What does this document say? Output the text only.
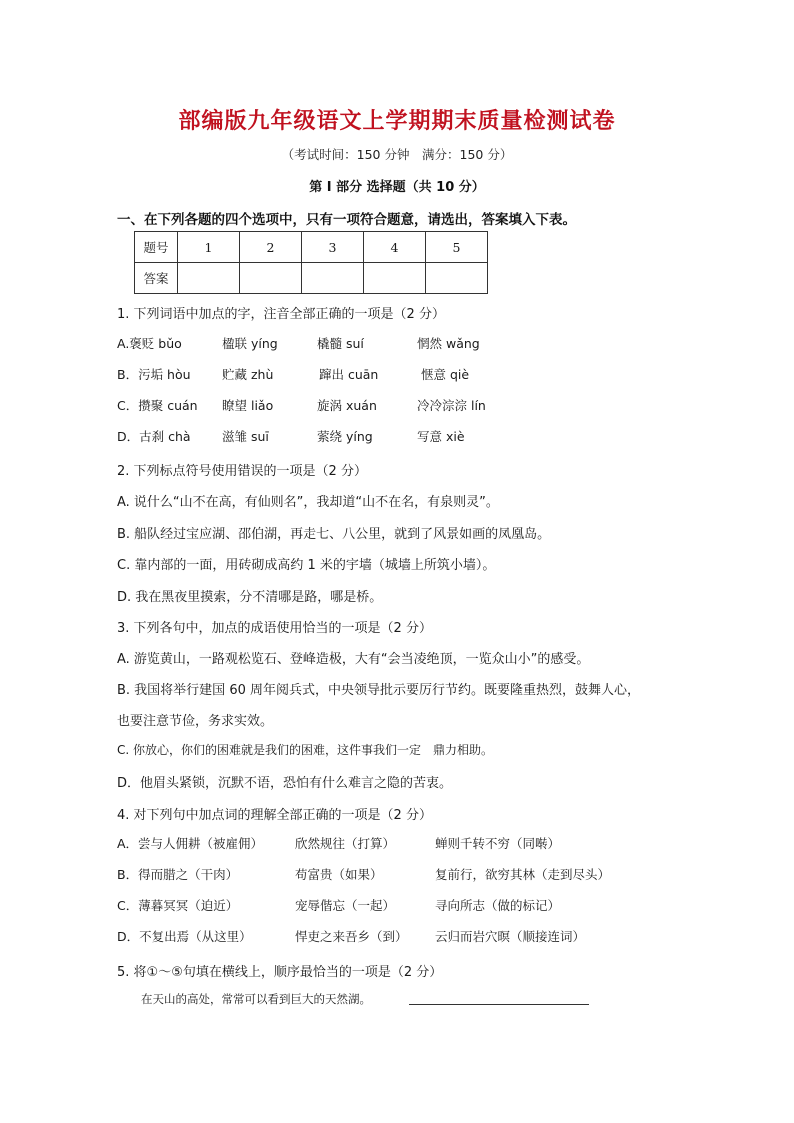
部编版九年级语文上学期期末质量检测试卷
（考试时间：150 分钟　满分：150 分）
第 I 部分 选择题（共 10 分）
一、在下列各题的四个选项中，只有一项符合题意，请选出，答案填入下表。
题号	1	2	3	4	5
答案					
1. 下列词语中加点的字，注音全部正确的一项是（2 分）
A.褒贬 bǔo	楹联 yíng	橇髓 suí	惘然 wǎng
B．污垢 hòu	贮藏 zhù	蹿出 cuān	惬意 qiè
C．攒聚 cuán 瞭望 liǎo	旋涡 xuán	冷冷淙淙 lín
D．古刹 chà	滋雏 suī	萦绕 yíng	写意 xiè
2. 下列标点符号使用错误的一项是（2 分）
A. 说什么“山不在高，有仙则名”，我却道“山不在名，有泉则灵”。
B. 船队经过宝应湖、邵伯湖，再走七、八公里，就到了风景如画的凤凰岛。
C. 靠内部的一面，用砖砌成高约 1 米的宇墙（城墙上所筑小墙）。
D. 我在黑夜里摸索，分不清哪是路，哪是桥。
3. 下列各句中，加点的成语使用恰当的一项是（2 分）
A. 游览黄山，一路观松览石、登峰造极，大有“会当凌绝顶，一览众山小”的感受。
B. 我国将举行建国 60 周年阅兵式，中央领导批示要厉行节约。既要隆重热烈，鼓舞人心，
也要注意节俭，务求实效。
C. 你放心，你们的困难就是我们的困难，这件事我们一定　鼎力相助。
D．他眉头紧锁，沉默不语，恐怕有什么难言之隐的苦衷。
4. 对下列句中加点词的理解全部正确的一项是（2 分）
A．尝与人佣耕（被雇佣）	欣然规往（打算）	蝉则千转不穷（同啭）
B．得而腊之（干肉）	苟富贵（如果）	复前行，欲穷其林（走到尽头）
C．薄暮冥冥（迫近）	宠辱偕忘（一起）	寻向所志（做的标记）
D．不复出焉（从这里）	悍吏之来吾乡（到） 云归而岩穴暝（顺接连词）
5. 将①～⑤句填在横线上，顺序最恰当的一项是（2 分）
在天山的高处，常常可以看到巨大的天然湖。
